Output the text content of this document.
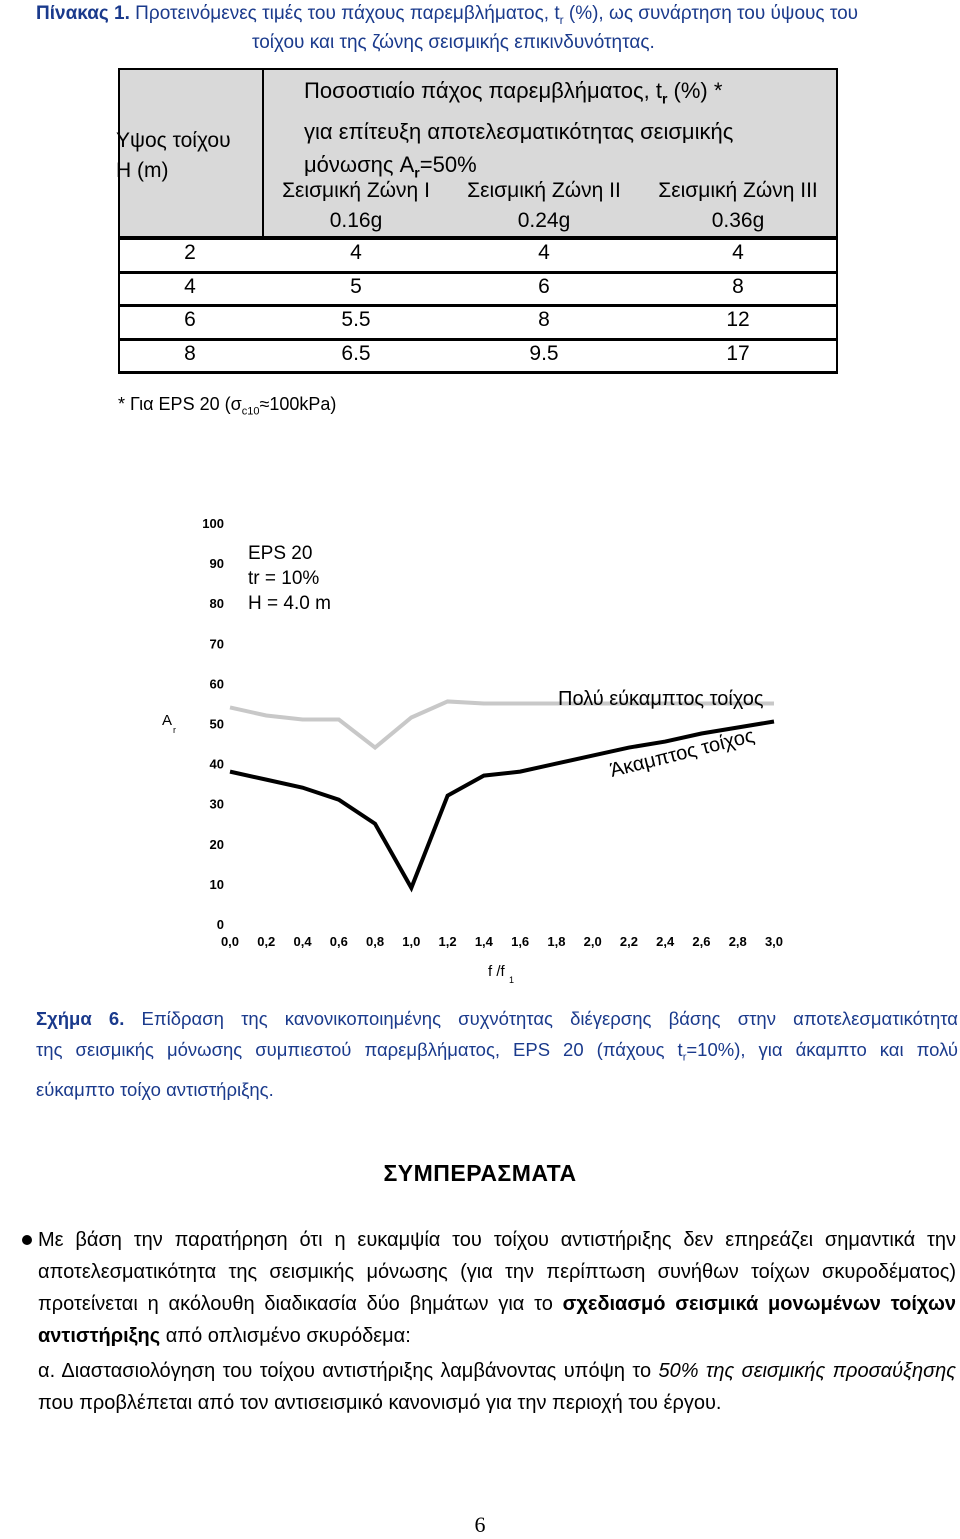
Πίνακας 1. Προτεινόμενες τιμές του πάχους παρεμβλήματος, $t_r$ (%), ως συνάρτηση του ύψους του
τοίχου και της ζώνης σεισμικής επικινδυνότητας.
Υψος τοίχου
H (m)
Ποσοστιαίο πάχος παρεμβλήματος, $t_r$ (%) *
για επίτευξη αποτελεσματικότητας σεισμικής
μόνωσης $A_r=50\%$
Σεισμική Ζώνη I
0.16g
Σεισμική Ζώνη II
0.24g
Σεισμική Ζώνη III
0.36g
2	4	4	4
4	5	6	8
6	5.5	8	12
8	6.5	9.5	17
* Για EPS 20 $(\sigma_{c10}\approx 100kPa)$
0
10
20
30
40
50
60
70
80
90
100
0,0 0,2 0,4 0,6 0,8 1,0 1,2 1,4 1,6 1,8 2,0 2,2 2,4 2,6 2,8 3,0
Πολύ εύκαμπτος τοίχος
Άκαμπτος τοίχος
EPS 20
tr = 10%
H = 4.0 m
A
r
f /f 1
Σχήμα 6. Επίδραση της κανονικοποιημένης συχνότητας διέγερσης βάσης στην αποτελεσματικότητα
της σεισμικής μόνωσης συμπιεστού παρεμβλήματος, EPS 20 (πάχους $t_r=10\%$), για άκαμπτο και πολύ
εύκαμπτο τοίχο αντιστήριξης.
ΣΥΜΠΕΡΑΣΜΑΤΑ
Με βάση την παρατήρηση ότι η ευκαμψία του τοίχου αντιστήριξης δεν επηρεάζει σημαντικά την αποτελεσματικότητα της σεισμικής μόνωσης (για την περίπτωση συνήθων τοίχων σκυροδέματος) προτείνεται η ακόλουθη διαδικασία δύο βημάτων για το σχεδιασμό σεισμικά μονωμένων τοίχων αντιστήριξης από οπλισμένο σκυρόδεμα:
α. Διαστασιολόγηση του τοίχου αντιστήριξης λαμβάνοντας υπόψη το 50% της σεισμικής προσαύξησης που προβλέπεται από τον αντισεισμικό κανονισμό για την περιοχή του έργου.
6
